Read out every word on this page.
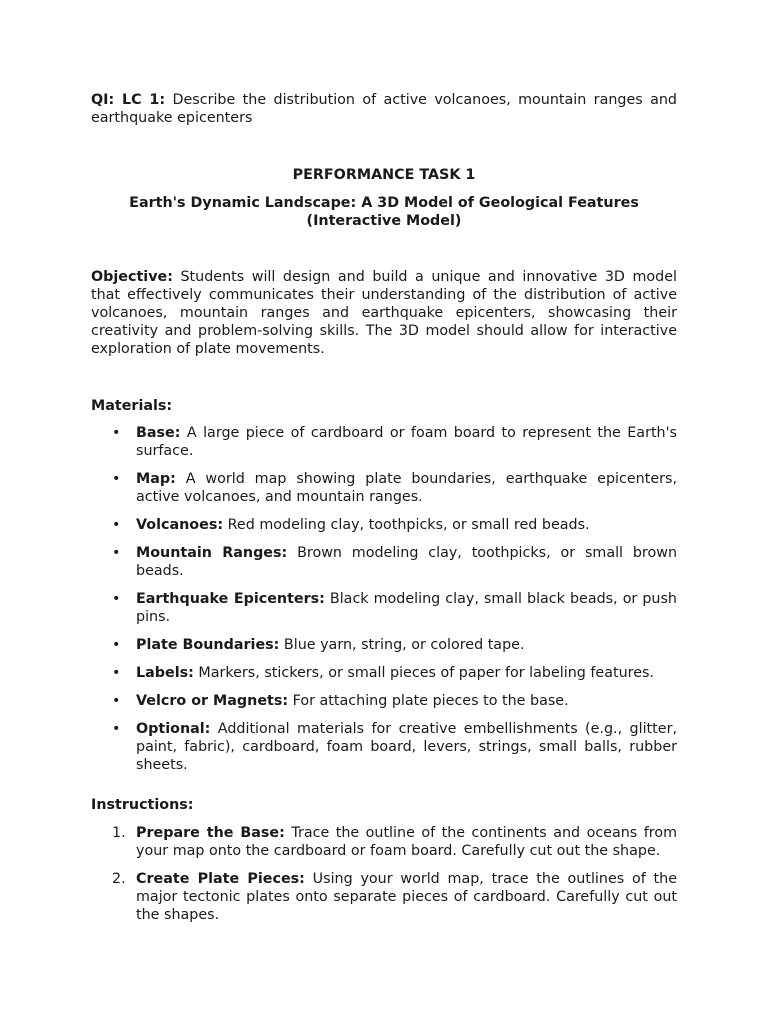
QI: LC 1: Describe the distribution of active volcanoes, mountain ranges and earthquake epicenters
PERFORMANCE TASK 1
Earth's Dynamic Landscape: A 3D Model of Geological Features (Interactive Model)
Objective: Students will design and build a unique and innovative 3D model that effectively communicates their understanding of the distribution of active volcanoes, mountain ranges and earthquake epicenters, showcasing their creativity and problem-solving skills. The 3D model should allow for interactive exploration of plate movements.
Materials:
• Base: A large piece of cardboard or foam board to represent the Earth's surface.
• Map: A world map showing plate boundaries, earthquake epicenters, active volcanoes, and mountain ranges.
• Volcanoes: Red modeling clay, toothpicks, or small red beads.
• Mountain Ranges: Brown modeling clay, toothpicks, or small brown beads.
• Earthquake Epicenters: Black modeling clay, small black beads, or push pins.
• Plate Boundaries: Blue yarn, string, or colored tape.
• Labels: Markers, stickers, or small pieces of paper for labeling features.
• Velcro or Magnets: For attaching plate pieces to the base.
• Optional: Additional materials for creative embellishments (e.g., glitter, paint, fabric), cardboard, foam board, levers, strings, small balls, rubber sheets.
Instructions:
1. Prepare the Base: Trace the outline of the continents and oceans from your map onto the cardboard or foam board. Carefully cut out the shape.
2. Create Plate Pieces: Using your world map, trace the outlines of the major tectonic plates onto separate pieces of cardboard. Carefully cut out the shapes.
